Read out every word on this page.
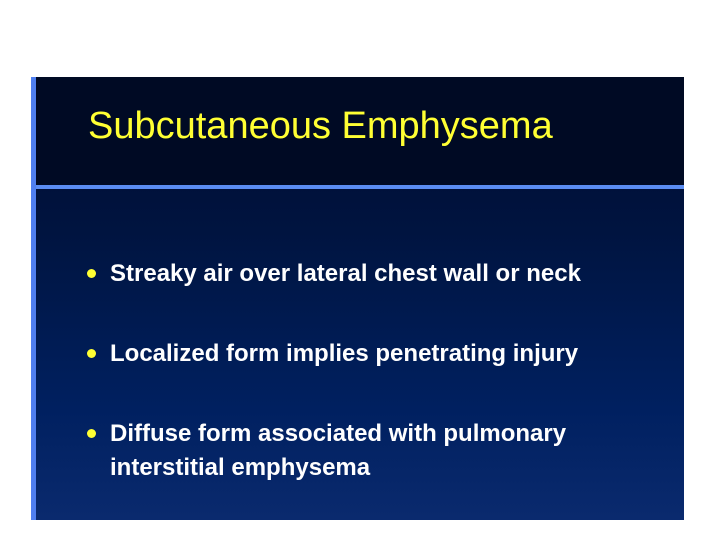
Subcutaneous Emphysema
Streaky air over lateral chest wall or neck
Localized form implies penetrating injury
Diffuse form associated with pulmonary interstitial emphysema
